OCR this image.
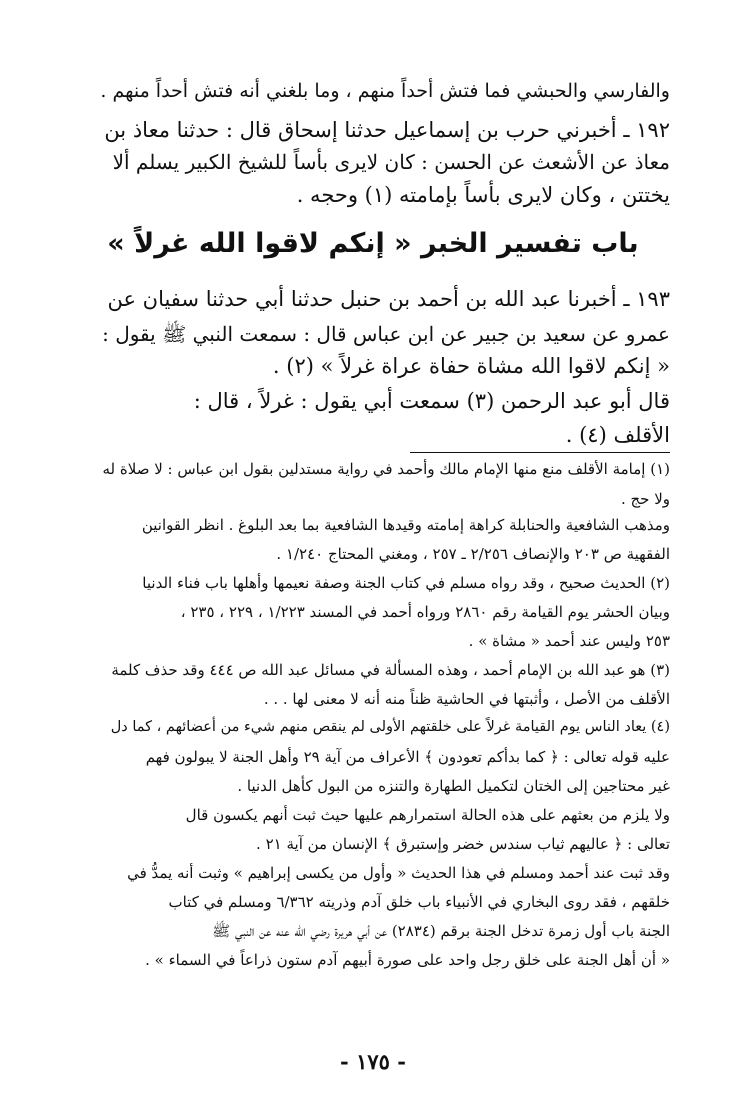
والفارسي والحبشي فما فتش أحداً منهم ، وما بلغني أنه فتش أحداً منهم .
١٩٢ ـ أخبرني حرب بن إسماعيل حدثنا إسحاق قال : حدثنا معاذ بن
معاذ عن الأشعث عن الحسن : كان لايرى بأساً للشيخ الكبير يسلم ألا
يختتن ، وكان لايرى بأساً بإمامته (١) وحجه .
باب تفسير الخبر « إنكم لاقوا الله غرلاً »
١٩٣ ـ أخبرنا عبد الله بن أحمد بن حنبل حدثنا أبي حدثنا سفيان عن
عمرو عن سعيد بن جبير عن ابن عباس قال : سمعت النبي ﷺ يقول :
« إنكم لاقوا الله مشاة حفاة عراة غرلاً » (٢) .
قال أبو عبد الرحمن (٣) سمعت أبي يقول : غرلاً ، قال :
الأقلف (٤) .
(١) إمامة الأقلف منع منها الإمام مالك وأحمد في رواية مستدلين بقول ابن عباس : لا صلاة له
ولا حج .
ومذهب الشافعية والحنابلة كراهة إمامته وقيدها الشافعية بما بعد البلوغ . انظر القوانين
الفقهية ص ٢٠٣ والإنصاف ٢/٢٥٦ ـ ٢٥٧ ، ومغني المحتاج ١/٢٤٠ .
(٢) الحديث صحيح ، وقد رواه مسلم في كتاب الجنة وصفة نعيمها وأهلها باب فناء الدنيا
وبيان الحشر يوم القيامة رقم ٢٨٦٠ ورواه أحمد في المسند ١/٢٢٣ ، ٢٢٩ ، ٢٣٥ ،
٢٥٣ وليس عند أحمد « مشاة » .
(٣) هو عبد الله بن الإمام أحمد ، وهذه المسألة في مسائل عبد الله ص ٤٤٤ وقد حذف كلمة
الأقلف من الأصل ، وأثبتها في الحاشية ظناً منه أنه لا معنى لها . . .
(٤) يعاد الناس يوم القيامة غرلاً على خلقتهم الأولى لم ينقص منهم شيء من أعضائهم ، كما دل
عليه قوله تعالى : ﴿ كما بدأكم تعودون ﴾ الأعراف من آية ٢٩ وأهل الجنة لا يبولون فهم
غير محتاجين إلى الختان لتكميل الطهارة والتنزه من البول كأهل الدنيا .
ولا يلزم من بعثهم على هذه الحالة استمرارهم عليها حيث ثبت أنهم يكسون قال
تعالى : ﴿ عاليهم ثياب سندس خضر وإستبرق ﴾ الإنسان من آية ٢١ .
وقد ثبت عند أحمد ومسلم في هذا الحديث « وأول من يكسى إبراهيم » وثبت أنه يمدُّ في
خلقهم ، فقد روى البخاري في الأنبياء باب خلق آدم وذريته ٦/٣٦٢ ومسلم في كتاب
الجنة باب أول زمرة تدخل الجنة برقم (٢٨٣٤) عن أبي هريرة رضي الله عنه عن النبي ﷺ
« أن أهل الجنة على خلق رجل واحد على صورة أبيهم آدم ستون ذراعاً في السماء » .
- ١٧٥ -
